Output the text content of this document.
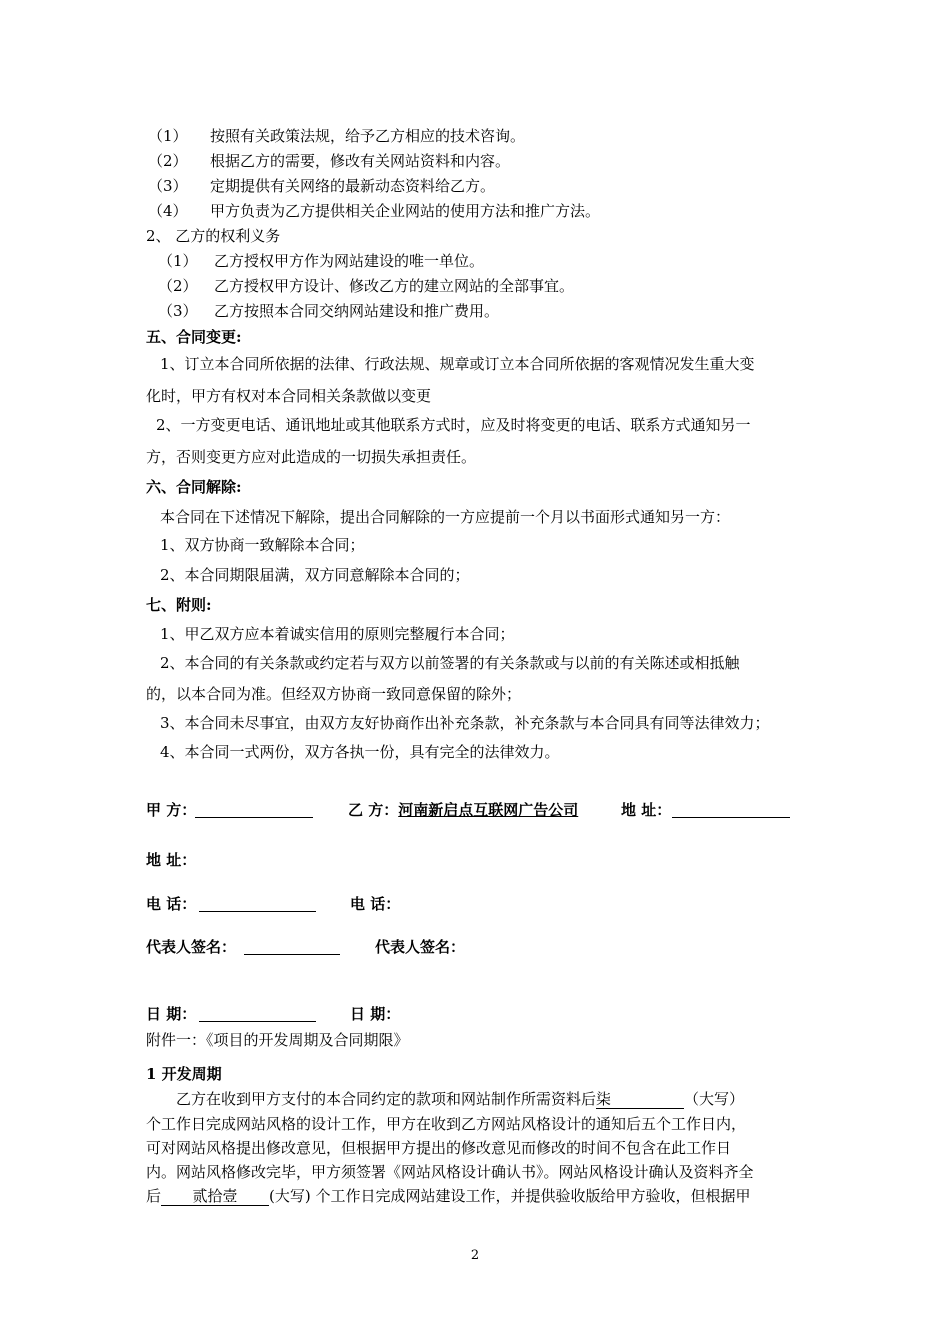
（1） 按照有关政策法规，给予乙方相应的技术咨询。
（2） 根据乙方的需要，修改有关网站资料和内容。
（3） 定期提供有关网络的最新动态资料给乙方。
（4） 甲方负责为乙方提供相关企业网站的使用方法和推广方法。
2、 乙方的权利义务
（1） 乙方授权甲方作为网站建设的唯一单位。
（2） 乙方授权甲方设计、修改乙方的建立网站的全部事宜。
（3） 乙方按照本合同交纳网站建设和推广费用。
五、合同变更:
1、订立本合同所依据的法律、行政法规、规章或订立本合同所依据的客观情况发生重大变
化时，甲方有权对本合同相关条款做以变更
2、一方变更电话、通讯地址或其他联系方式时，应及时将变更的电话、联系方式通知另一
方，否则变更方应对此造成的一切损失承担责任。
六、合同解除:
本合同在下述情况下解除，提出合同解除的一方应提前一个月以书面形式通知另一方：
1、双方协商一致解除本合同；
2、本合同期限届满，双方同意解除本合同的；
七、附则:
1、甲乙双方应本着诚实信用的原则完整履行本合同；
2、本合同的有关条款或约定若与双方以前签署的有关条款或与以前的有关陈述或相抵触
的，以本合同为准。但经双方协商一致同意保留的除外；
3、本合同未尽事宜，由双方友好协商作出补充条款，补充条款与本合同具有同等法律效力；
4、本合同一式两份，双方各执一份，具有完全的法律效力。
甲 方：	乙 方：河南新启点互联网广告公司	地 址：
地 址：
电 话：	电 话：
代表人签名：	代表人签名：
日 期：	日 期：
附件一：《项目的开发周期及合同期限》
1 开发周期
乙方在收到甲方支付的本合同约定的款项和网站制作所需资料后柒	（大写）
个工作日完成网站风格的设计工作，甲方在收到乙方网站风格设计的通知后五个工作日内，
可对网站风格提出修改意见，但根据甲方提出的修改意见而修改的时间不包含在此工作日
内。网站风格修改完毕，甲方须签署《网站风格设计确认书》。网站风格设计确认及资料齐全
后 贰拾壹 (大写) 个工作日完成网站建设工作，并提供验收版给甲方验收，但根据甲
2
